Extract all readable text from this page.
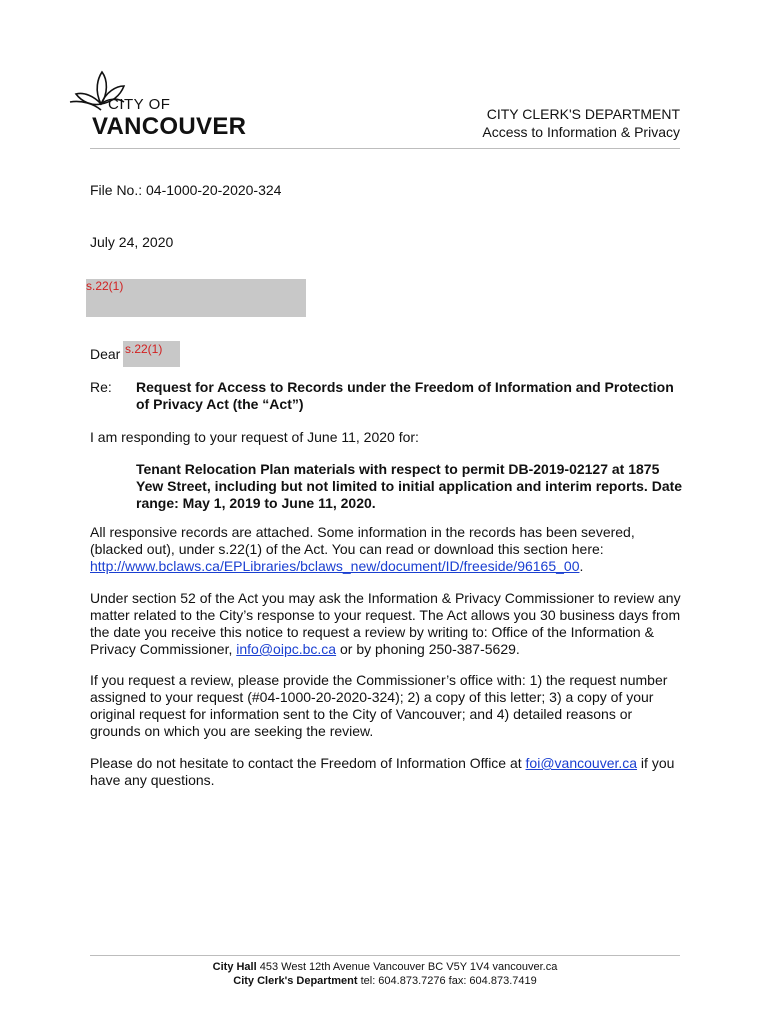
CITY OF
VANCOUVER	CITY CLERK'S DEPARTMENT
Access to Information & Privacy
File No.: 04-1000-20-2020-324
July 24, 2020
s.22(1)
Dear s.22(1)
Re: Request for Access to Records under the Freedom of Information and Protection
of Privacy Act (the “Act”)
I am responding to your request of June 11, 2020 for:
Tenant Relocation Plan materials with respect to permit DB-2019-02127 at 1875
Yew Street, including but not limited to initial application and interim reports. Date
range: May 1, 2019 to June 11, 2020.
All responsive records are attached. Some information in the records has been severed,
(blacked out), under s.22(1) of the Act. You can read or download this section here:
http://www.bclaws.ca/EPLibraries/bclaws_new/document/ID/freeside/96165_00.
Under section 52 of the Act you may ask the Information & Privacy Commissioner to review any
matter related to the City’s response to your request. The Act allows you 30 business days from
the date you receive this notice to request a review by writing to: Office of the Information &
Privacy Commissioner, info@oipc.bc.ca or by phoning 250-387-5629.
If you request a review, please provide the Commissioner’s office with: 1) the request number
assigned to your request (#04-1000-20-2020-324); 2) a copy of this letter; 3) a copy of your
original request for information sent to the City of Vancouver; and 4) detailed reasons or
grounds on which you are seeking the review.
Please do not hesitate to contact the Freedom of Information Office at foi@vancouver.ca if you
have any questions.
City Hall 453 West 12th Avenue Vancouver BC V5Y 1V4 vancouver.ca
City Clerk's Department tel: 604.873.7276 fax: 604.873.7419
